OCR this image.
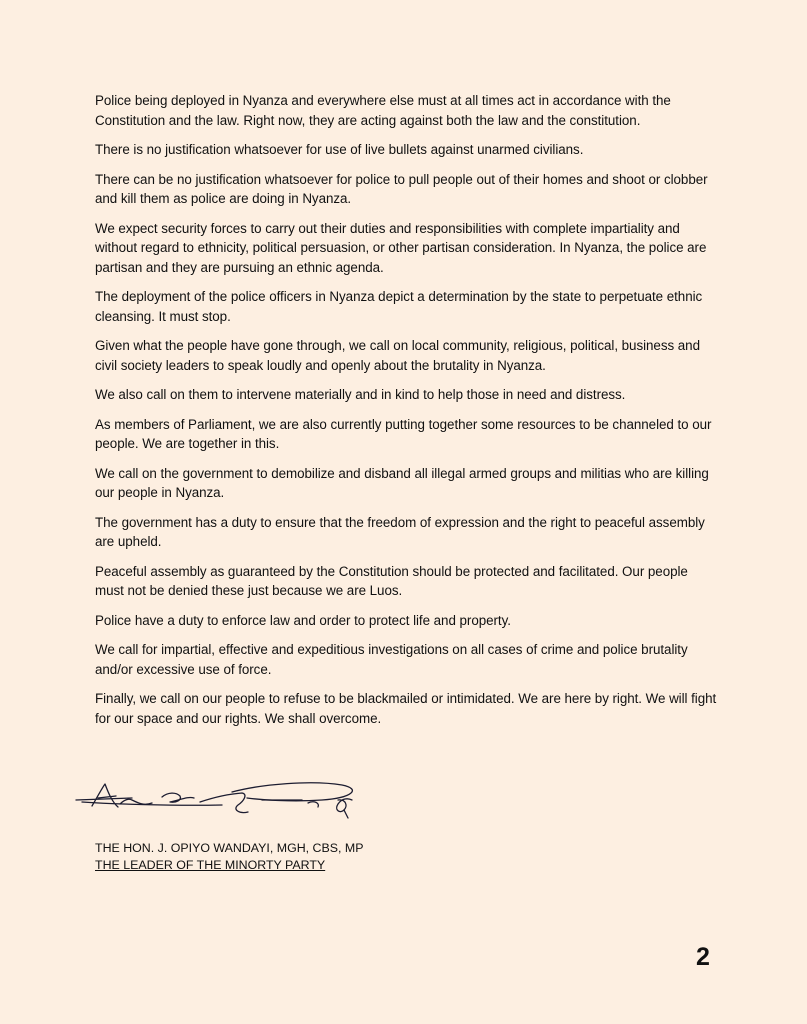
Police being deployed in Nyanza and everywhere else must at all times act in accordance with the Constitution and the law. Right now, they are acting against both the law and the constitution.

There is no justification whatsoever for use of live bullets against unarmed civilians.

There can be no justification whatsoever for police to pull people out of their homes and shoot or clobber and kill them as police are doing in Nyanza.

We expect security forces to carry out their duties and responsibilities with complete impartiality and without regard to ethnicity, political persuasion, or other partisan consideration. In Nyanza, the police are partisan and they are pursuing an ethnic agenda.

The deployment of the police officers in Nyanza depict a determination by the state to perpetuate ethnic cleansing. It must stop.

Given what the people have gone through, we call on local community, religious, political, business and civil society leaders to speak loudly and openly about the brutality in Nyanza.

We also call on them to intervene materially and in kind to help those in need and distress.

As members of Parliament, we are also currently putting together some resources to be channeled to our people. We are together in this.

We call on the government to demobilize and disband all illegal armed groups and militias who are killing our people in Nyanza.

The government has a duty to ensure that the freedom of expression and the right to peaceful assembly are upheld.

Peaceful assembly as guaranteed by the Constitution should be protected and facilitated. Our people must not be denied these just because we are Luos.

Police have a duty to enforce law and order to protect life and property.

We call for impartial, effective and expeditious investigations on all cases of crime and police brutality and/or excessive use of force.

Finally, we call on our people to refuse to be blackmailed or intimidated. We are here by right. We will fight for our space and our rights. We shall overcome.

THE HON. J. OPIYO WANDAYI, MGH, CBS, MP

THE LEADER OF THE MINORTY PARTY

2
